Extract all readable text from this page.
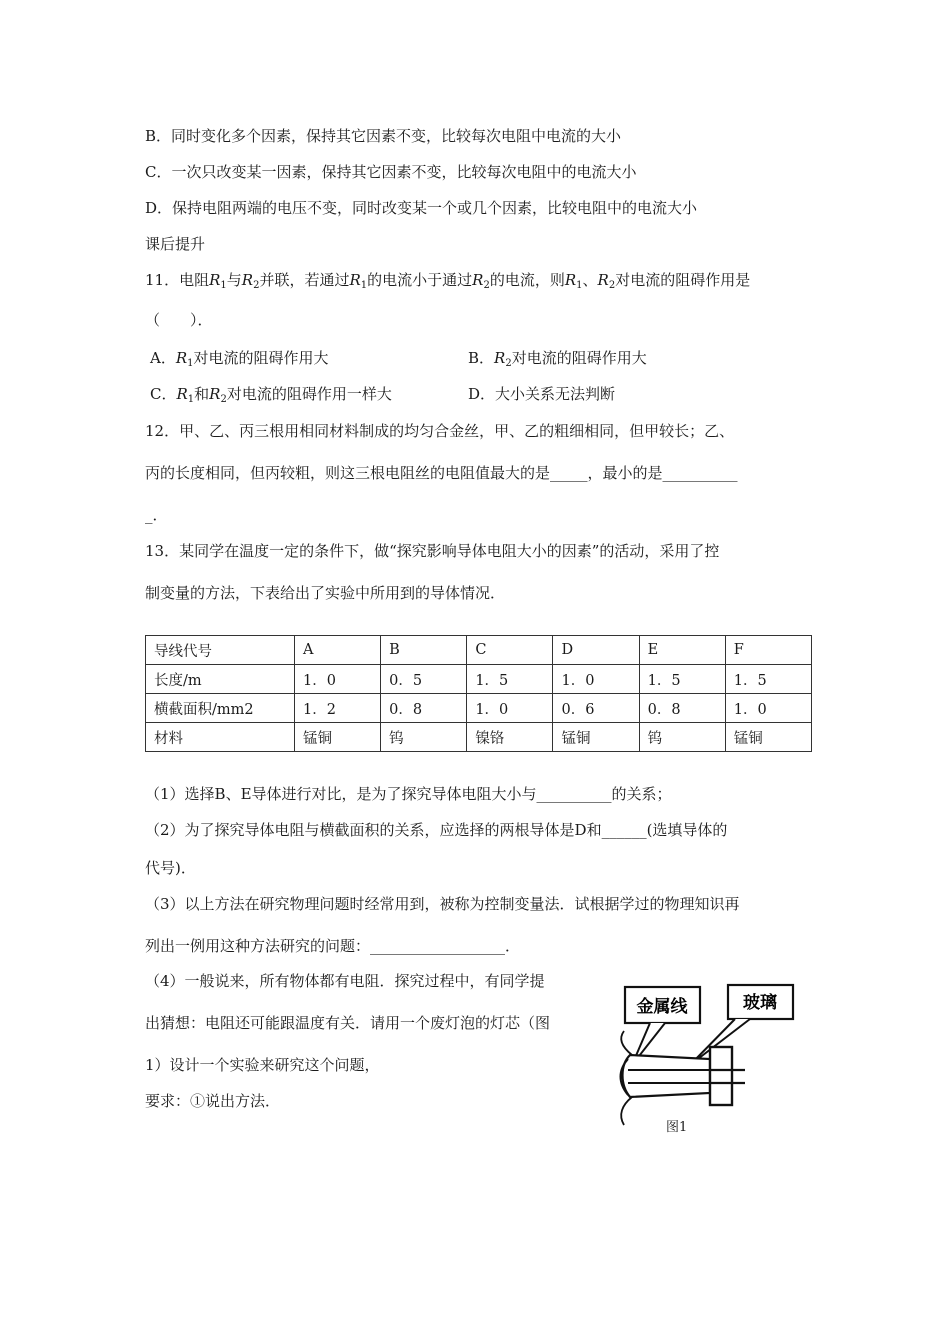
B．同时变化多个因素，保持其它因素不变，比较每次电阻中电流的大小
C．一次只改变某一因素，保持其它因素不变，比较每次电阻中的电流大小
D．保持电阻两端的电压不变，同时改变某一个或几个因素，比较电阻中的电流大小
课后提升
11．电阻$R_1$与$R_2$并联，若通过$R_1$的电流小于通过$R_2$的电流，则$R_1$、$R_2$对电流的阻碍作用是
（　　）．
A．$R_1$对电流的阻碍作用大	B．$R_2$对电流的阻碍作用大
C．$R_1$和$R_2$对电流的阻碍作用一样大	D．大小关系无法判断
12．甲、乙、丙三根用相同材料制成的均匀合金丝，甲、乙的粗细相同，但甲较长；乙、
丙的长度相同，但丙较粗，则这三根电阻丝的电阻值最大的是_____，最小的是__________
_．
13．某同学在温度一定的条件下，做“探究影响导体电阻大小的因素”的活动，采用了控
制变量的方法，下表给出了实验中所用到的导体情况．
导线代号	A	B	C	D	E	F
长度/m	1．0	0．5	1．5	1．0	1．5	1．5
横截面积/mm2	1．2	0．8	1．0	0．6	0．8	1．0
材料	锰铜	钨	镍铬	锰铜	钨	锰铜
（1）选择B、E导体进行对比，是为了探究导体电阻大小与__________的关系；
（2）为了探究导体电阻与横截面积的关系，应选择的两根导体是D和______(选填导体的
代号)．
（3）以上方法在研究物理问题时经常用到，被称为控制变量法．试根据学过的物理知识再
列出一例用这种方法研究的问题：__________________．
（4）一般说来，所有物体都有电阻．探究过程中，有同学提
出猜想：电阻还可能跟温度有关．请用一个废灯泡的灯芯（图
1）设计一个实验来研究这个问题，
要求：①说出方法．
金属线	玻璃
图1
